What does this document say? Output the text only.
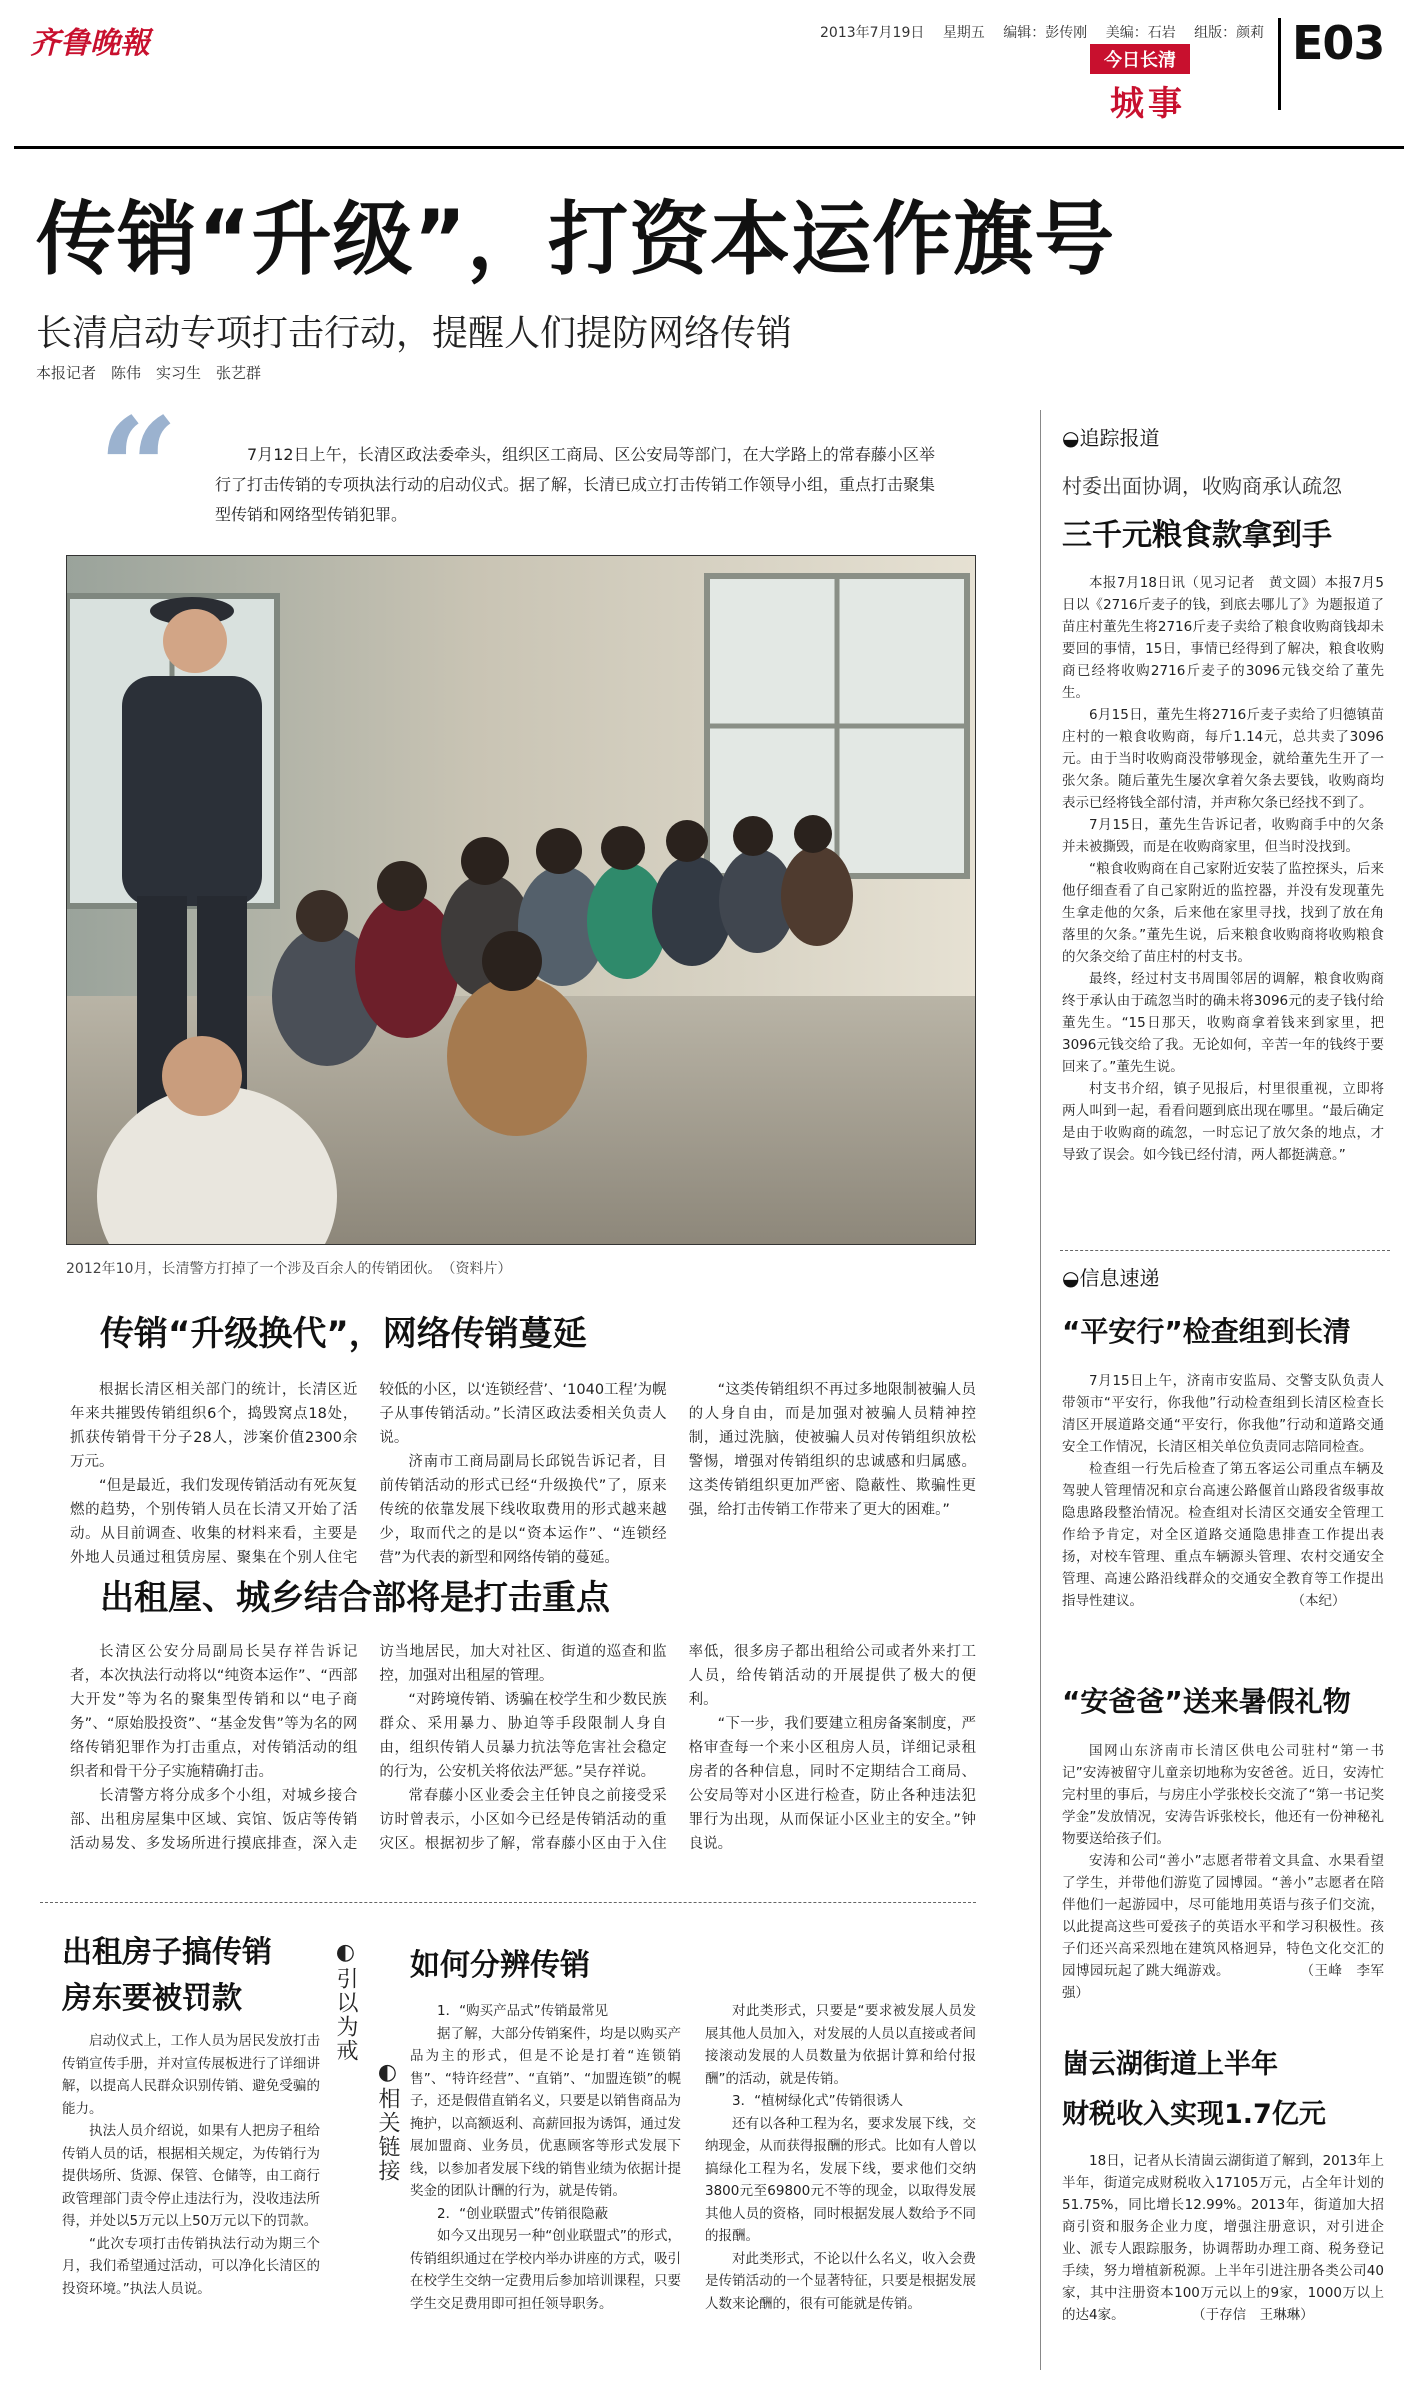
齐鲁晚報	2013年7月19日　 星期五　 编辑：彭传刚　 美编：石岩　 组版：颜莉
今日长清
城事
E03
传销“升级”，打资本运作旗号
长清启动专项打击行动，提醒人们提防网络传销
本报记者　陈伟　实习生　张艺群
“	7月12日上午，长清区政法委牵头，组织区工商局、区公安局等部门，在大学路上的常春藤小区举行了打击传销的专项执法行动的启动仪式。据了解，长清已成立打击传销工作领导小组，重点打击聚集型传销和网络型传销犯罪。
2012年10月，长清警方打掉了一个涉及百余人的传销团伙。　（资料片）
传销“升级换代”，网络传销蔓延

根据长清区相关部门的统计，长清区近年来共摧毁传销组织6个，捣毁窝点18处，抓获传销骨干分子28人，涉案价值2300余万元。

“但是最近，我们发现传销活动有死灰复燃的趋势，个别传销人员在长清又开始了活动。从目前调查、收集的材料来看，主要是外地人员通过租赁房屋、聚集在个别人住宅较低的小区，以‘连锁经营’、‘1040工程’为幌子从事传销活动。”长清区政法委相关负责人说。

济南市工商局副局长邱锐告诉记者，目前传销活动的形式已经“升级换代”了，原来传统的依靠发展下线收取费用的形式越来越少，取而代之的是以“资本运作”、“连锁经营”为代表的新型和网络传销的蔓延。

“这类传销组织不再过多地限制被骗人员的人身自由，而是加强对被骗人员精神控制，通过洗脑，使被骗人员对传销组织放松警惕，增强对传销组织的忠诚感和归属感。这类传销组织更加严密、隐蔽性、欺骗性更强，给打击传销工作带来了更大的困难。”

出租屋、城乡结合部将是打击重点

长清区公安分局副局长吴存祥告诉记者，本次执法行动将以“纯资本运作”、“西部大开发”等为名的聚集型传销和以“电子商务”、“原始股投资”、“基金发售”等为名的网络传销犯罪作为打击重点，对传销活动的组织者和骨干分子实施精确打击。

长清警方将分成多个小组，对城乡接合部、出租房屋集中区域、宾馆、饭店等传销活动易发、多发场所进行摸底排查，深入走访当地居民，加大对社区、街道的巡查和监控，加强对出租屋的管理。

“对跨境传销、诱骗在校学生和少数民族群众、采用暴力、胁迫等手段限制人身自由，组织传销人员暴力抗法等危害社会稳定的行为，公安机关将依法严惩。”吴存祥说。

常春藤小区业委会主任钟良之前接受采访时曾表示，小区如今已经是传销活动的重灾区。根据初步了解，常春藤小区由于入住率低，很多房子都出租给公司或者外来打工人员，给传销活动的开展提供了极大的便利。

“下一步，我们要建立租房备案制度，严格审查每一个来小区租房人员，详细记录租房者的各种信息，同时不定期结合工商局、公安局等对小区进行检查，防止各种违法犯罪行为出现，从而保证小区业主的安全。”钟良说。

出租房子搞传销
房东要被罚款
◐引以为戒

启动仪式上，工作人员为居民发放打击传销宣传手册，并对宣传展板进行了详细讲解，以提高人民群众识别传销、避免受骗的能力。

执法人员介绍说，如果有人把房子租给传销人员的话，根据相关规定，为传销行为提供场所、货源、保管、仓储等，由工商行政管理部门责令停止违法行为，没收违法所得，并处以5万元以上50万元以下的罚款。

“此次专项打击传销执法行动为期三个月，我们希望通过活动，可以净化长清区的投资环境。”执法人员说。

◐相关链接
如何分辨传销

1．“购买产品式”传销最常见

据了解，大部分传销案件，均是以购买产品为主的形式，但是不论是打着“连锁销售”、“特许经营”、“直销”、“加盟连锁”的幌子，还是假借直销名义，只要是以销售商品为掩护，以高额返利、高薪回报为诱饵，通过发展加盟商、业务员，优惠顾客等形式发展下线，以参加者发展下线的销售业绩为依据计提奖金的团队计酬的行为，就是传销。

2．“创业联盟式”传销很隐蔽

如今又出现另一种“创业联盟式”的形式，传销组织通过在学校内举办讲座的方式，吸引在校学生交纳一定费用后参加培训课程，只要学生交足费用即可担任领导职务。

对此类形式，只要是“要求被发展人员发展其他人员加入，对发展的人员以直接或者间接滚动发展的人员数量为依据计算和给付报酬”的活动，就是传销。

3．“植树绿化式”传销很诱人

还有以各种工程为名，要求发展下线，交纳现金，从而获得报酬的形式。比如有人曾以搞绿化工程为名，发展下线，要求他们交纳3800元至69800元不等的现金，以取得发展其他人员的资格，同时根据发展人数给予不同的报酬。

对此类形式，不论以什么名义，收入会费是传销活动的一个显著特征，只要是根据发展人数来论酬的，很有可能就是传销。

◒追踪报道
村委出面协调，收购商承认疏忽
三千元粮食款拿到手

本报7月18日讯（见习记者　黄文圆）本报7月5日以《2716斤麦子的钱，到底去哪儿了》为题报道了苗庄村董先生将2716斤麦子卖给了粮食收购商钱却未要回的事情，15日，事情已经得到了解决，粮食收购商已经将收购2716斤麦子的3096元钱交给了董先生。

6月15日，董先生将2716斤麦子卖给了归德镇苗庄村的一粮食收购商，每斤1.14元，总共卖了3096元。由于当时收购商没带够现金，就给董先生开了一张欠条。随后董先生屡次拿着欠条去要钱，收购商均表示已经将钱全部付清，并声称欠条已经找不到了。

7月15日，董先生告诉记者，收购商手中的欠条并未被撕毁，而是在收购商家里，但当时没找到。

“粮食收购商在自己家附近安装了监控探头，后来他仔细查看了自己家附近的监控器，并没有发现董先生拿走他的欠条，后来他在家里寻找，找到了放在角落里的欠条。”董先生说，后来粮食收购商将收购粮食的欠条交给了苗庄村的村支书。

最终，经过村支书周围邻居的调解，粮食收购商终于承认由于疏忽当时的确未将3096元的麦子钱付给董先生。“15日那天，收购商拿着钱来到家里，把3096元钱交给了我。无论如何，辛苦一年的钱终于要回来了。”董先生说。

村支书介绍，镇子见报后，村里很重视，立即将两人叫到一起，看看问题到底出现在哪里。“最后确定是由于收购商的疏忽，一时忘记了放欠条的地点，才导致了误会。如今钱已经付清，两人都挺满意。”

◒信息速递
“平安行”检查组到长清

7月15日上午，济南市安监局、交警支队负责人带领市“平安行，你我他”行动检查组到长清区检查长清区开展道路交通“平安行，你我他”行动和道路交通安全工作情况，长清区相关单位负责同志陪同检查。

检查组一行先后检查了第五客运公司重点车辆及驾驶人管理情况和京台高速公路偃首山路段省级事故隐患路段整治情况。检查组对长清区交通安全管理工作给予肯定，对全区道路交通隐患排查工作提出表扬，对校车管理、重点车辆源头管理、农村交通安全管理、高速公路沿线群众的交通安全教育等工作提出指导性建议。　　　　　　　　　　　　（本纪）

“安爸爸”送来暑假礼物

国网山东济南市长清区供电公司驻村“第一书记”安涛被留守儿童亲切地称为安爸爸。近日，安涛忙完村里的事后，与房庄小学张校长交流了“第一书记奖学金”发放情况，安涛告诉张校长，他还有一份神秘礼物要送给孩子们。

安涛和公司“善小”志愿者带着文具盒、水果看望了学生，并带他们游览了园博园。“善小”志愿者在陪伴他们一起游园中，尽可能地用英语与孩子们交流，以此提高这些可爱孩子的英语水平和学习积极性。孩子们还兴高采烈地在建筑风格迥异，特色文化交汇的园博园玩起了跳大绳游戏。　　　　　　（王峰　李军强）

崮云湖街道上半年
财税收入实现1.7亿元

18日，记者从长清崮云湖街道了解到，2013年上半年，街道完成财税收入17105万元，占全年计划的51.75%，同比增长12.99%。2013年，街道加大招商引资和服务企业力度，增强注册意识，对引进企业、派专人跟踪服务，协调帮助办理工商、税务登记手续，努力增植新税源。上半年引进注册各类公司40家，其中注册资本100万元以上的9家，1000万以上的达4家。　　　　　　（于存信　王琳琳）
